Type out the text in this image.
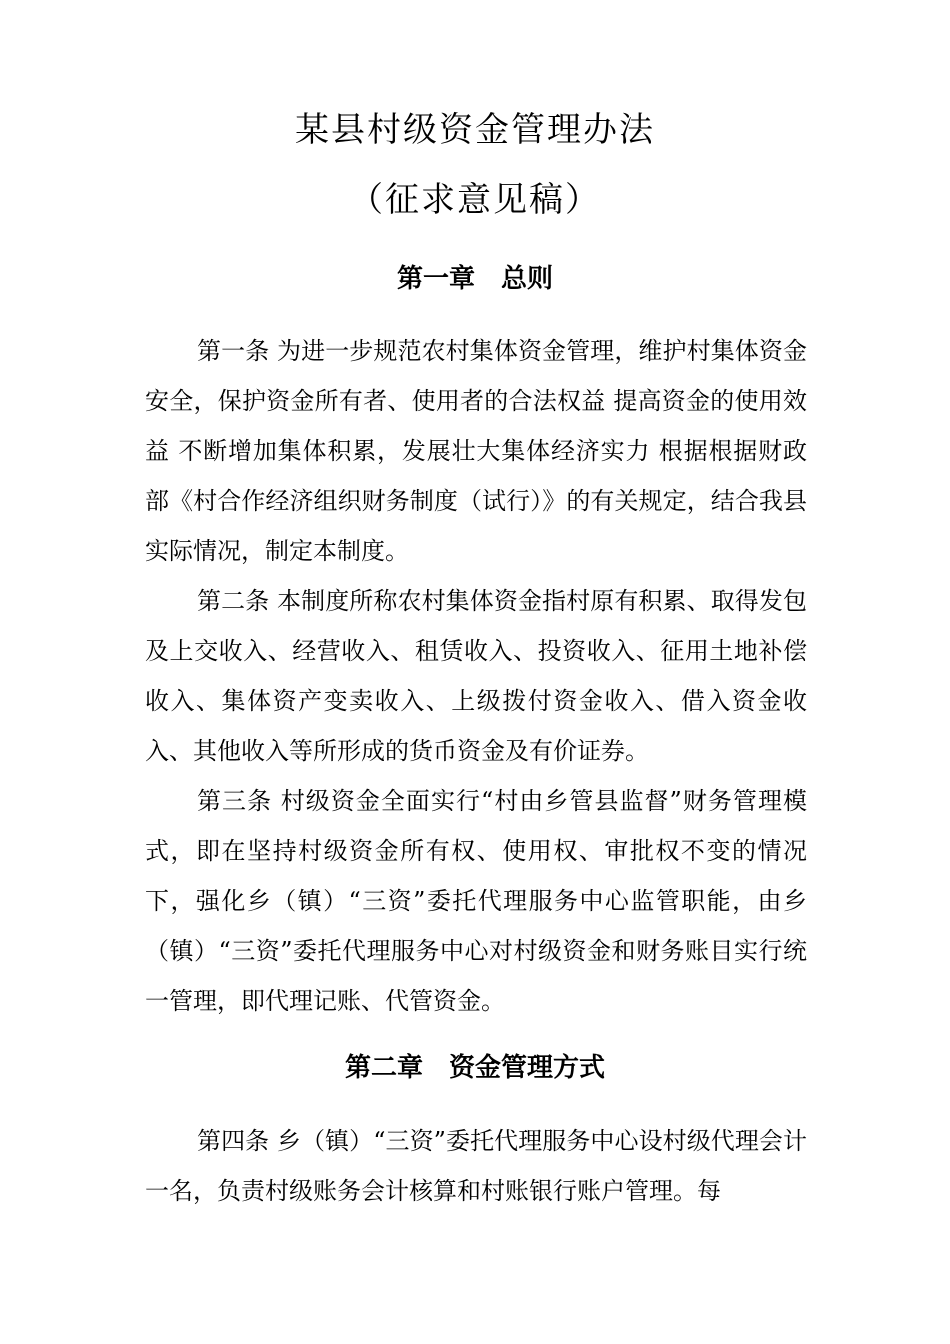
某县村级资金管理办法
（征求意见稿）
第一章　总则

第一条 为进一步规范农村集体资金管理，维护村集体资金安全，保护资金所有者、使用者的合法权益 提高资金的使用效益 不断增加集体积累，发展壮大集体经济实力 根据根据财政部《村合作经济组织财务制度（试行）》的有关规定，结合我县实际情况，制定本制度。

第二条 本制度所称农村集体资金指村原有积累、取得发包及上交收入、经营收入、租赁收入、投资收入、征用土地补偿收入、集体资产变卖收入、上级拨付资金收入、借入资金收入、其他收入等所形成的货币资金及有价证券。

第三条 村级资金全面实行“村由乡管县监督”财务管理模式，即在坚持村级资金所有权、使用权、审批权不变的情况下，强化乡（镇）“三资”委托代理服务中心监管职能，由乡（镇）“三资”委托代理服务中心对村级资金和财务账目实行统一管理，即代理记账、代管资金。

第二章　资金管理方式

第四条 乡（镇）“三资”委托代理服务中心设村级代理会计一名，负责村级账务会计核算和村账银行账户管理。每
